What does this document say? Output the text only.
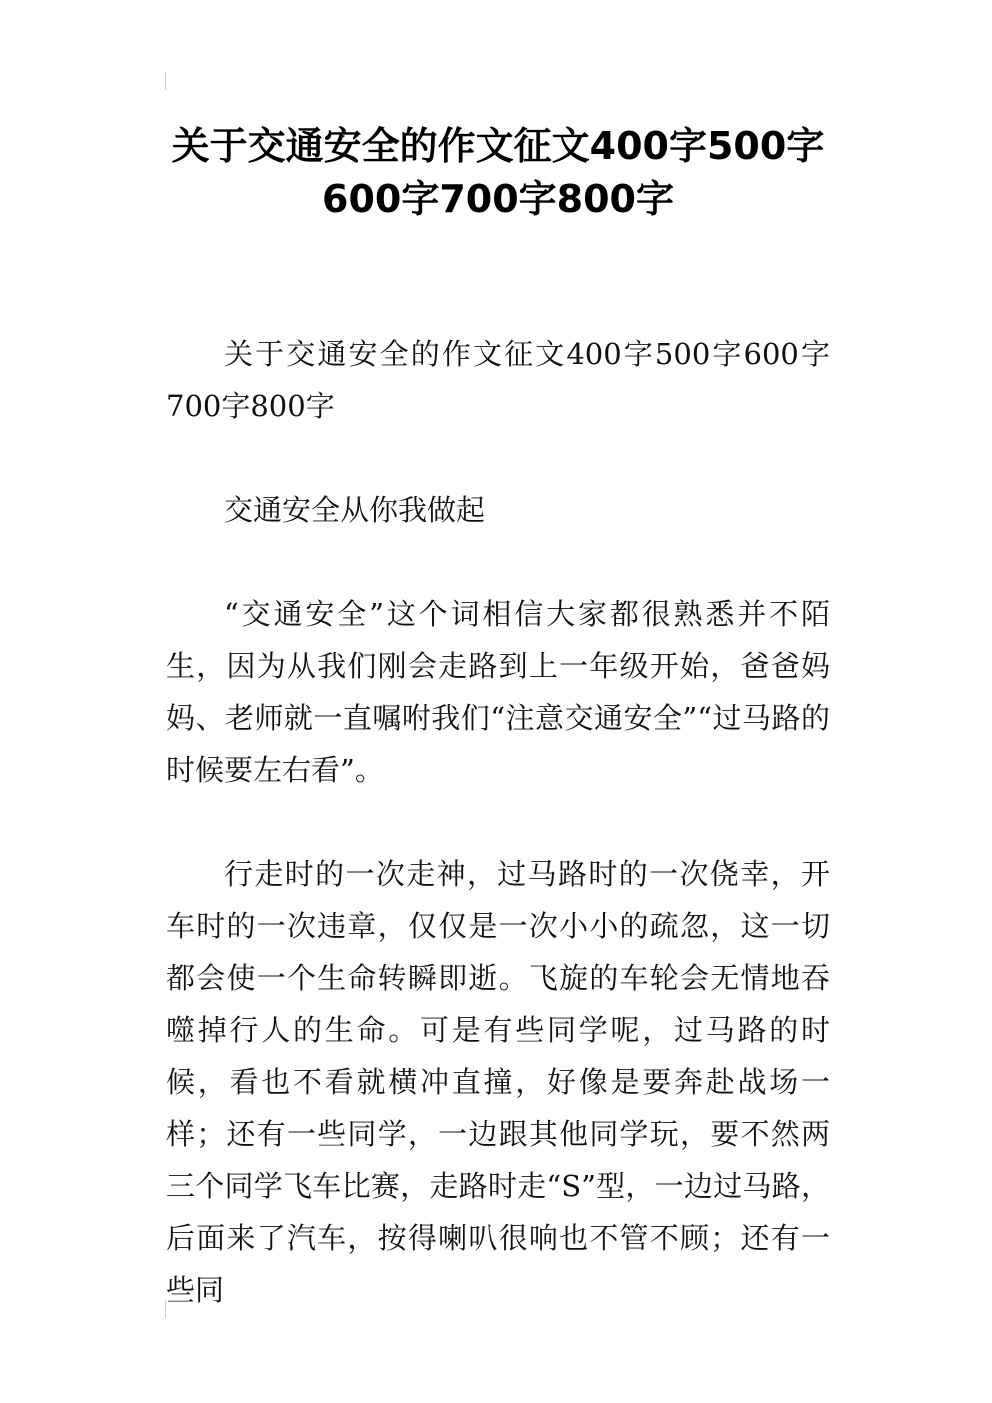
关于交通安全的作文征文400字500字600字700字800字

关于交通安全的作文征文400字500字600字700字800字

交通安全从你我做起

“交通安全”这个词相信大家都很熟悉并不陌生，因为从我们刚会走路到上一年级开始，爸爸妈妈、老师就一直嘱咐我们“注意交通安全”“过马路的时候要左右看”。

行走时的一次走神，过马路时的一次侥幸，开车时的一次违章，仅仅是一次小小的疏忽，这一切都会使一个生命转瞬即逝。飞旋的车轮会无情地吞噬掉行人的生命。可是有些同学呢，过马路的时候，看也不看就横冲直撞，好像是要奔赴战场一样；还有一些同学，一边跟其他同学玩，要不然两三个同学飞车比赛，走路时走“S”型，一边过马路，后面来了汽车，按得喇叭很响也不管不顾；还有一些同
